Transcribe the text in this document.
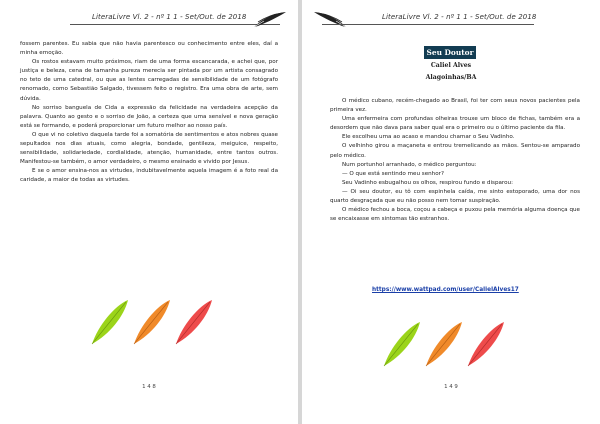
LiteraLivre Vl. 2 - nº 1 1 - Set/Out. de 2018

fossem parentes. Eu sabia que não havia parentesco ou conhecimento entre eles, daí a minha emoção.

Os rostos estavam muito próximos, riam de uma forma escancarada, e achei que, por justiça e beleza, cena de tamanha pureza merecia ser pintada por um artista consagrado no teto de uma catedral, ou que as lentes carregadas de sensibilidade de um fotógrafo renomado, como Sebastião Salgado, tivessem feito o registro. Era uma obra de arte, sem dúvida.

No sorriso banguela de Cida a expressão da felicidade na verdadeira acepção da palavra. Quanto ao gesto e o sorriso de João, a certeza que uma sensível e nova geração está se formando, e poderá proporcionar um futuro melhor ao nosso país.

O que vi no coletivo daquela tarde foi a somatória de sentimentos e atos nobres quase sepultados nos dias atuais, como alegria, bondade, gentileza, meiguice, respeito, sensibilidade, solidariedade, cordialidade, atenção, humanidade, entre tantos outros. Manifestou-se também, o amor verdadeiro, o mesmo ensinado e vivido por Jesus.

E se o amor ensina-nos as virtudes, indubitavelmente aquela imagem é a foto real da caridade, a maior de todas as virtudes.

1 4 8
LiteraLivre Vl. 2 - nº 1 1 - Set/Out. de 2018
Seu Doutor
Caliel Alves
Alagoinhas/BA

O médico cubano, recém-chegado ao Brasil, foi ter com seus novos pacientes pela primeira vez.

Uma enfermeira com profundas olheiras trouxe um bloco de fichas, também era a desordem que não dava para saber qual era o primeiro ou o último paciente da fila.

Ele escolheu uma ao acaso e mandou chamar o Seu Vadinho.

O velhinho girou a maçaneta e entrou tremelicando as mãos. Sentou-se amparado pelo médico.

Num portunhol arranhado, o médico perguntou:

— O que está sentindo meu senhor?

Seu Vadinho esbugalhou os olhos, respirou fundo e disparou:

— Oi seu doutor, eu tô com espinhela caída, me sinto estoporado, uma dor nos quarto desgraçada que eu não posso nem tomar suspiração.

O médico fechou a boca, coçou a cabeça e puxou pela memória alguma doença que se encaixasse em sintomas tão estranhos.

https://www.wattpad.com/user/CalielAlves17
1 4 9
